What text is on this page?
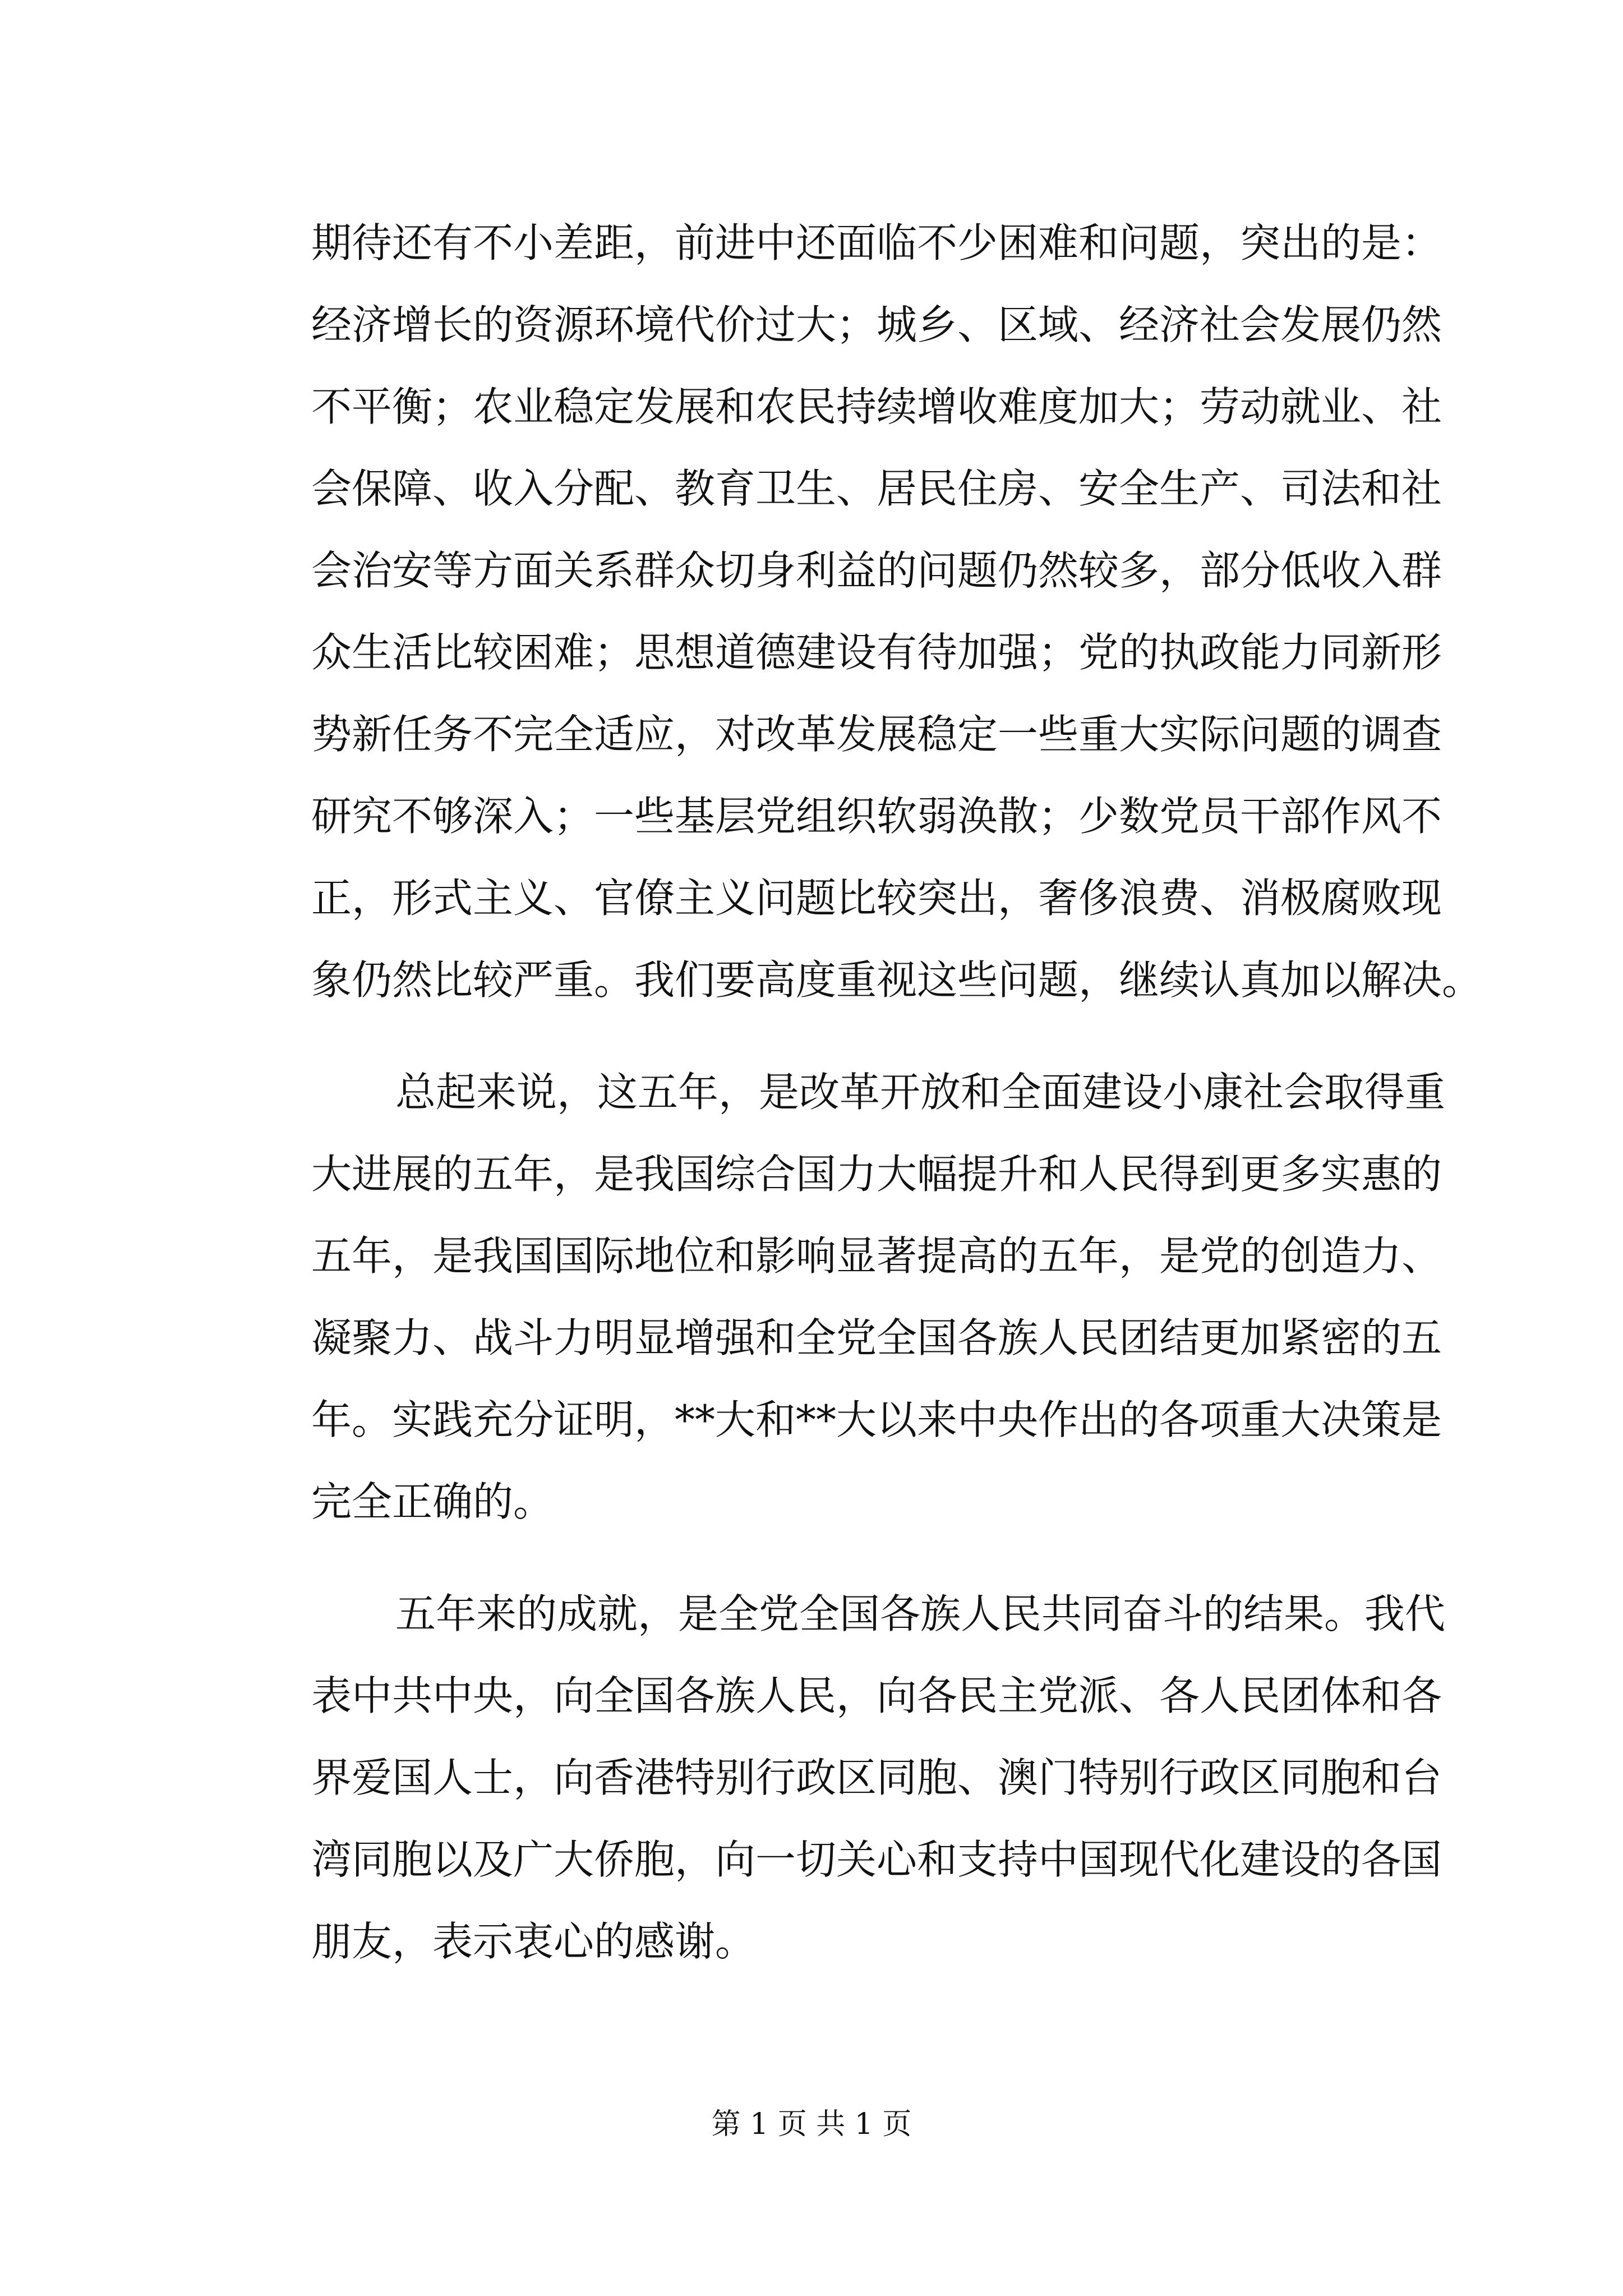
期待还有不小差距，前进中还面临不少困难和问题，突出的是：
经济增长的资源环境代价过大；城乡、区域、经济社会发展仍然
不平衡；农业稳定发展和农民持续增收难度加大；劳动就业、社
会保障、收入分配、教育卫生、居民住房、安全生产、司法和社
会治安等方面关系群众切身利益的问题仍然较多，部分低收入群
众生活比较困难；思想道德建设有待加强；党的执政能力同新形
势新任务不完全适应，对改革发展稳定一些重大实际问题的调查
研究不够深入；一些基层党组织软弱涣散；少数党员干部作风不
正，形式主义、官僚主义问题比较突出，奢侈浪费、消极腐败现
象仍然比较严重。我们要高度重视这些问题，继续认真加以解决。
总起来说，这五年，是改革开放和全面建设小康社会取得重
大进展的五年，是我国综合国力大幅提升和人民得到更多实惠的
五年，是我国国际地位和影响显著提高的五年，是党的创造力、
凝聚力、战斗力明显增强和全党全国各族人民团结更加紧密的五
年。实践充分证明，**大和**大以来中央作出的各项重大决策是
完全正确的。
五年来的成就，是全党全国各族人民共同奋斗的结果。我代
表中共中央，向全国各族人民，向各民主党派、各人民团体和各
界爱国人士，向香港特别行政区同胞、澳门特别行政区同胞和台
湾同胞以及广大侨胞，向一切关心和支持中国现代化建设的各国
朋友，表示衷心的感谢。
第 1 页 共 1 页
